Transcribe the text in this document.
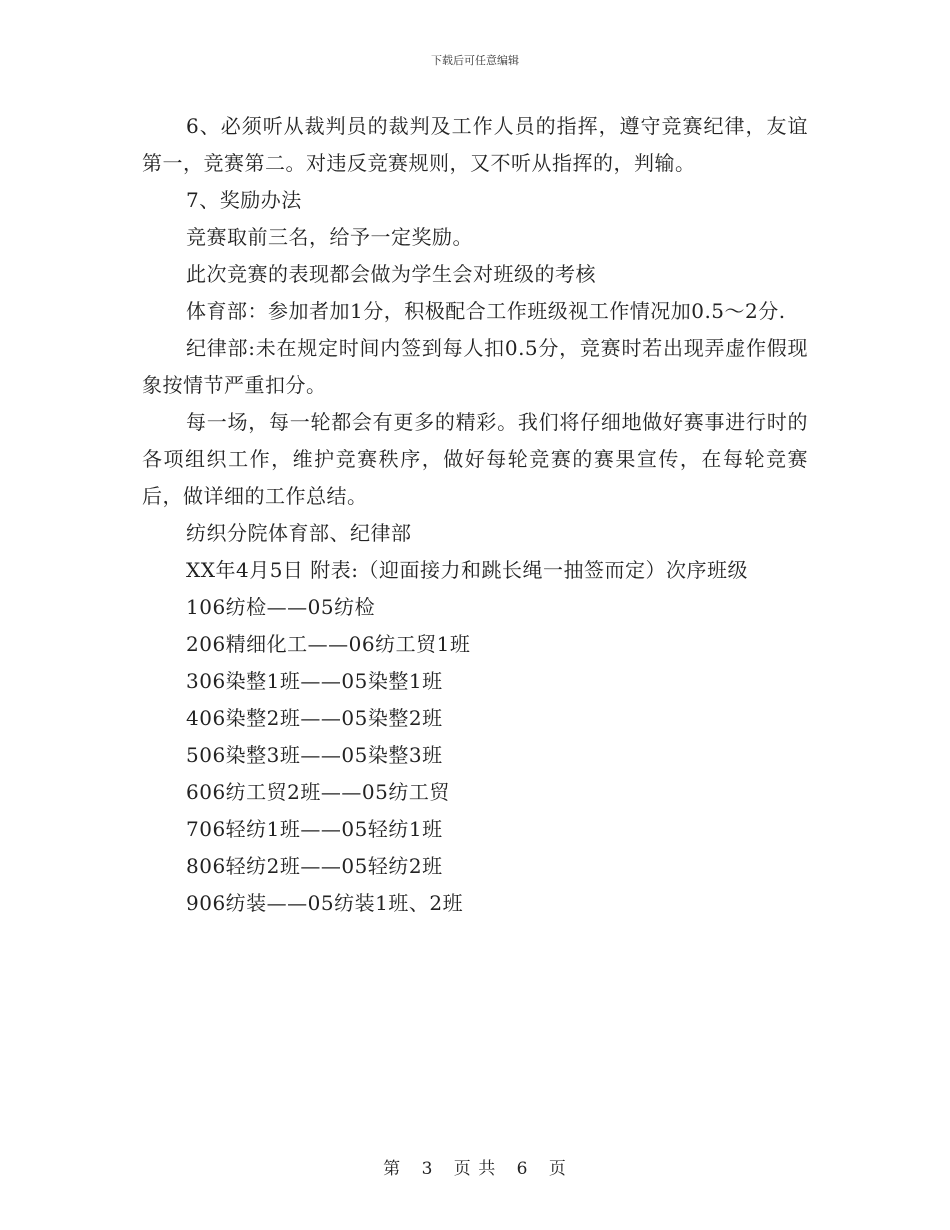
下载后可任意编辑

6、必须听从裁判员的裁判及工作人员的指挥，遵守竞赛纪律，友谊第一，竞赛第二。对违反竞赛规则，又不听从指挥的，判输。

7、奖励办法

竞赛取前三名，给予一定奖励。

此次竞赛的表现都会做为学生会对班级的考核

体育部：参加者加1分，积极配合工作班级视工作情况加0.5～2分.

纪律部:未在规定时间内签到每人扣0.5分，竞赛时若出现弄虚作假现象按情节严重扣分。

每一场，每一轮都会有更多的精彩。我们将仔细地做好赛事进行时的各项组织工作，维护竞赛秩序，做好每轮竞赛的赛果宣传，在每轮竞赛后，做详细的工作总结。

纺织分院体育部、纪律部

XX年4月5日 附表:（迎面接力和跳长绳一抽签而定）次序班级

106纺检——05纺检

206精细化工——06纺工贸1班

306染整1班——05染整1班

406染整2班——05染整2班

506染整3班——05染整3班

606纺工贸2班——05纺工贸

706轻纺1班——05轻纺1班

806轻纺2班——05轻纺2班

906纺装——05纺装1班、2班

第 3 页 共 6 页
